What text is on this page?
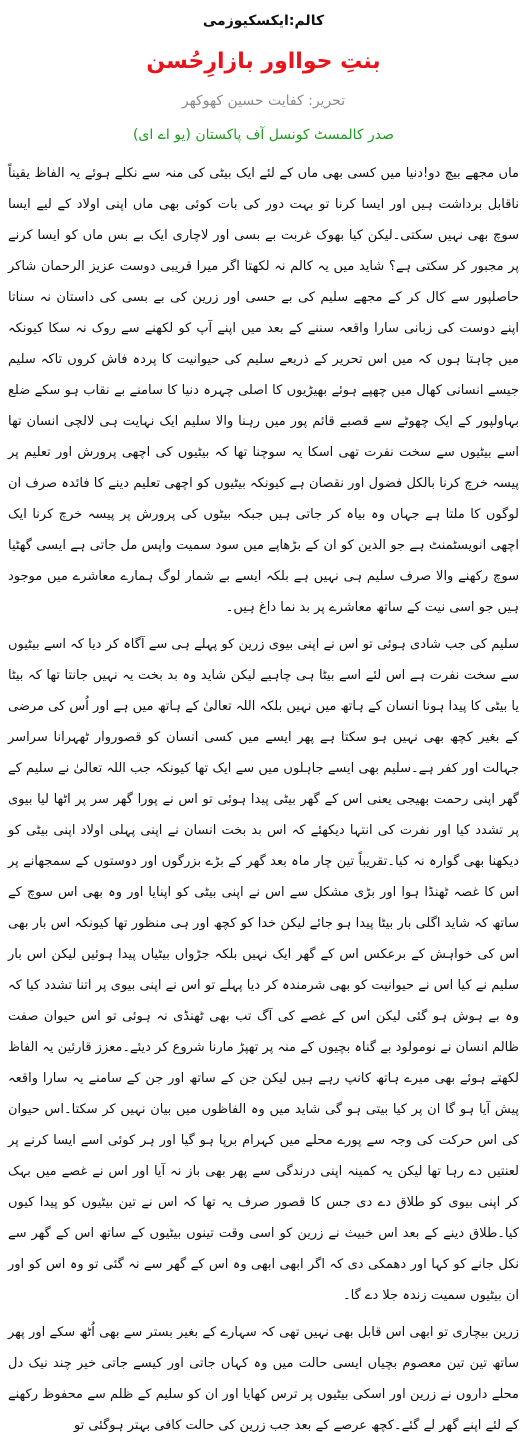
کالم:ایکسکیوزمی
بنتِ حوااور بازارِحُسن
تحریر: کفایت حسین کھوکھر
صدر کالمسٹ کونسل آف پاکستان (یو اے ای)

ماں مجھے بیچ دو!دنیا میں کسی بھی ماں کے لئے ایک بیٹی کی منہ سے نکلے ہوئے یہ الفاظ یقیناً ناقابل برداشت ہیں اور ایسا کرنا تو بہت دور کی بات کوئی بھی ماں اپنی اولاد کے لیے ایسا سوچ بھی نہیں سکتی۔لیکن کیا بھوک غربت بے بسی اور لاچاری ایک بے بس ماں کو ایسا کرنے پر مجبور کر سکتی ہے؟ شاید میں یہ کالم نہ لکھتا اگر میرا قریبی دوست عزیز الرحمان شاکر حاصلپور سے کال کر کے مجھے سلیم کی بے حسی اور زرین کی بے بسی کی داستان نہ سناتا اپنے دوست کی زبانی سارا واقعہ سننے کے بعد میں اپنے آپ کو لکھنے سے روک نہ سکا کیونکہ میں چاہتا ہوں کہ میں اس تحریر کے ذریعے سلیم کی حیوانیت کا پردہ فاش کروں تاکہ سلیم جیسے انسانی کھال میں چھپے ہوئے بھیڑیوں کا اصلی چہرہ دنیا کا سامنے بے نقاب ہو سکے ضلع بہاولپور کے ایک چھوٹے سے قصبے قائم پور میں رہنا والا سلیم ایک نہایت ہی لالچی انسان تھا اسے بیٹیوں سے سخت نفرت تھی اسکا یہ سوچنا تھا کہ بیٹیوں کی اچھی پرورش اور تعلیم پر پیسہ خرچ کرنا بالکل فضول اور نقصان ہے کیونکہ بیٹیوں کو اچھی تعلیم دینے کا فائدہ صرف ان لوگوں کا ملتا ہے جہاں وہ بیاہ کر جاتی ہیں جبکہ بیٹوں کی پرورش پر پیسہ خرچ کرنا ایک اچھی انویسٹمنٹ ہے جو الدین کو ان کے بڑھاپے میں سود سمیت واپس مل جاتی ہے ایسی گھٹیا سوچ رکھنے والا صرف سلیم ہی نہیں ہے بلکہ ایسے بے شمار لوگ ہمارے معاشرے میں موجود ہیں جو اسی نیت کے ساتھ معاشرے پر بد نما داغ ہیں۔

سلیم کی جب شادی ہوئی تو اس نے اپنی بیوی زرین کو پہلے ہی سے آگاہ کر دیا کہ اسے بیٹیوں سے سخت نفرت ہے اس لئے اسے بیٹا ہی چاہیے لیکن شاید وہ بد بخت یہ نہیں جانتا تھا کہ بیٹا یا بیٹی کا پیدا ہونا انسان کے ہاتھ میں نہیں بلکہ اللہ تعالیٰ کے ہاتھ میں ہے اور اُس کی مرضی کے بغیر کچھ بھی نہیں ہو سکتا ہے پھر ایسے میں کسی انسان کو قصوروار ٹھہرانا سراسر جہالت اور کفر ہے۔سلیم بھی ایسے جاہلوں میں سے ایک تھا کیونکہ جب اللہ تعالیٰ نے سلیم کے گھر اپنی رحمت بھیجی یعنی اس کے گھر بیٹی پیدا ہوئی تو اس نے پورا گھر سر پر اٹھا لیا بیوی پر تشدد کیا اور نفرت کی انتہا دیکھئے کہ اس بد بخت انسان نے اپنی پہلی اولاد اپنی بیٹی کو دیکھنا بھی گوارہ نہ کیا۔تقریباً تین چار ماہ بعد گھر کے بڑے بزرگوں اور دوستوں کے سمجھانے پر اس کا غصہ ٹھنڈا ہوا اور بڑی مشکل سے اس نے اپنی بیٹی کو اپنایا اور وہ بھی اس سوچ کے ساتھ کہ شاید اگلی بار بیٹا پیدا ہو جائے لیکن خدا کو کچھ اور ہی منظور تھا کیونکہ اس بار بھی اس کی خواہش کے برعکس اس کے گھر ایک نہیں بلکہ جڑواں بیٹیاں پیدا ہوئیں لیکن اس بار سلیم نے کیا اس نے حیوانیت کو بھی شرمندہ کر دیا پہلے تو اس نے اپنی بیوی پر اتنا تشدد کیا کہ وہ بے ہوش ہو گئی لیکن اس کے غصے کی آگ تب بھی ٹھنڈی نہ ہوئی تو اس حیوان صفت ظالم انسان نے نومولود بے گناہ بچیوں کے منہ پر تھپڑ مارنا شروع کر دیئے۔معزز قارئین یہ الفاظ لکھتے ہوئے بھی میرے ہاتھ کانپ رہے ہیں لیکن جن کے ساتھ اور جن کے سامنے یہ سارا واقعہ پیش آیا ہو گا ان پر کیا بیتی ہو گی شاید میں وہ الفاظوں میں بیان نہیں کر سکتا۔اس حیوان کی اس حرکت کی وجہ سے پورے محلے میں کہرام برپا ہو گیا اور ہر کوئی اسے ایسا کرنے پر لعنتیں دے رہا تھا لیکن یہ کمینہ اپنی درندگی سے پھر بھی باز نہ آیا اور اس نے غصے میں بہک کر اپنی بیوی کو طلاق دے دی جس کا قصور صرف یہ تھا کہ اس نے تین بیٹیوں کو پیدا کیوں کیا۔طلاق دینے کے بعد اس خبیث نے زرین کو اسی وقت تینوں بیٹیوں کے ساتھ اس کے گھر سے نکل جانے کو کہا اور دھمکی دی کہ اگر ابھی ابھی وہ اس کے گھر سے نہ گئی تو وہ اس کو اور ان بیٹیوں سمیت زندہ جلا دے گا۔

زرین بیچاری تو ابھی اس قابل بھی نہیں تھی کہ سہارے کے بغیر بستر سے بھی اُٹھ سکے اور پھر ساتھ تین تین معصوم بچیاں ایسی حالت میں وہ کہاں جاتی اور کیسے جاتی خیر چند نیک دل محلے داروں نے زرین اور اسکی بیٹیوں پر ترس کھایا اور ان کو سلیم کے ظلم سے محفوظ رکھنے کے لئے اپنے گھر لے گئے۔کچھ عرصے کے بعد جب زرین کی حالت کافی بہتر ہوگئی تو
